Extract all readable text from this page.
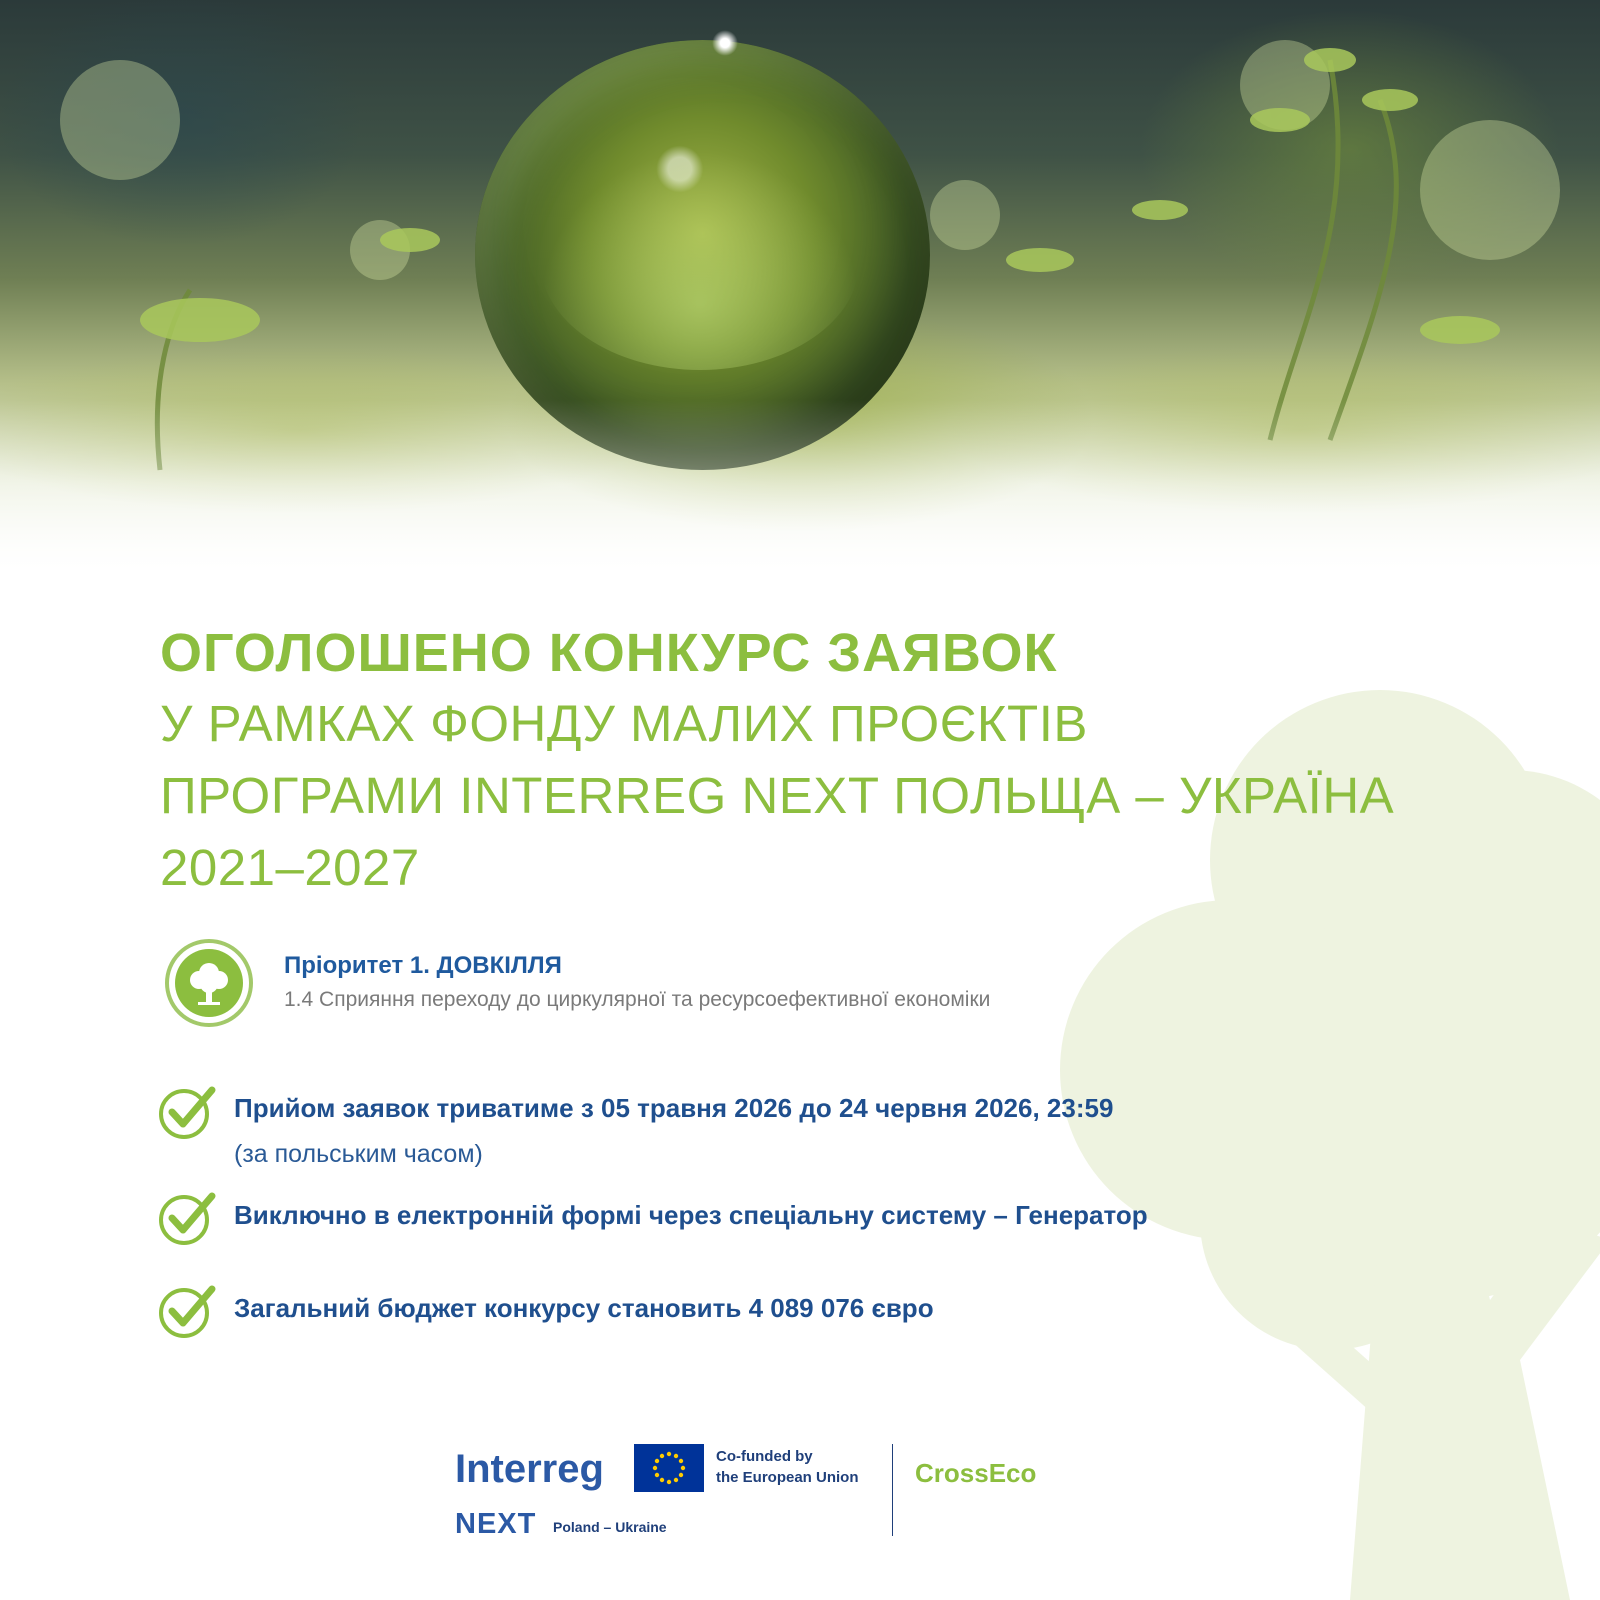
ОГОЛОШЕНО КОНКУРС ЗАЯВОК
У РАМКАХ ФОНДУ МАЛИХ ПРОЄКТІВ
ПРОГРАМИ INTERREG NEXT ПОЛЬЩА – УКРАЇНА
2021–2027
Пріоритет 1. ДОВКІЛЛЯ
1.4 Сприяння переходу до циркулярної та ресурсоефективної економіки
Прийом заявок триватиме з 05 травня 2026 до 24 червня 2026, 23:59
(за польським часом)
Виключно в електронній формі через спеціальну систему – Генератор
Загальний бюджет конкурсу становить 4 089 076 євро
Interreg
NEXT Poland – Ukraine
Co-funded by
the European Union CrossEco
